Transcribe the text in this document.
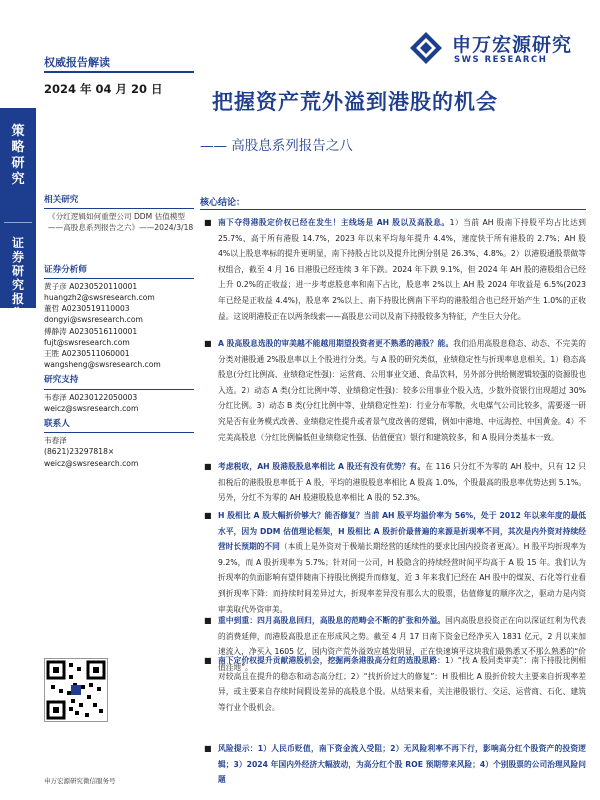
权威报告解读
申万宏源研究
SWS RESEARCH
2024 年 04 月 20 日
把握资产荒外溢到港股的机会
—— 高股息系列报告之八
策略研究
证券研究报告
相关研究
《分红逻辑如何重塑公司 DDM 估值模型——高股息系列报告之六》——2024/3/18
证券分析师
黄子彦 A0230520110001
huangzh2@swsresearch.com
董哲 A0230519110003
dongyi@swsresearch.com
傅静涛 A0230516110001
fujt@swsresearch.com
王胜 A0230511060001
wangsheng@swsresearch.com
研究支持
韦春泽 A0230122050003
weicz@swsresearch.com
联系人
韦春泽
(8621)23297818×
weicz@swsresearch.com
申万宏源研究微信服务号
核心结论：
■ 南下夺得港股定价权已经在发生！主线场是 AH 股以及高股息。1）当前 AH 股南下持股平均占比达到 25.7%、高于所有港股 14.7%，2023 年以来平均每年提升 4.4%，速度快于所有港股的 2.7%；AH 股 4%以上股息率标的提升更明显，南下持股占比以及提升比例分别是 26.3%、4.8%。2）以港股通股票做等权组合，截至 4 月 16 日港股已经连续 3 年下跌。2024 年下跌 9.1%，但 2024 年 AH 股的港股组合已经上升 0.2%的正收益；进一步考虑股息率和南下占比，股息率 2%以上 AH 股 2024 年收益是 6.5%(2023 年已经是正收益 4.4%)，股息率 2%以上、南下持股比例南下平均的港股组合也已经开始产生 1.0%的正收益。这说明港股正在以两条线索——高股息公司以及南下持股较多为特征，产生巨大分化。
■ A 股高股息选股的审美越不能越用期望投资者更不熟悉的港股？能。我们沿用高股息稳态、动态、不完美的分类对港股通 2%股息率以上个股进行分类。与 A 股的研究类似，业绩稳定性与折现率息息相关。1）稳态高股息(分红比例高、业绩稳定性强)：运营商、公用事业交通、食品饮料，另外部分供给侧逻辑较强的资源股也入选。2）动态 A 类(分红比例中等、业绩稳定性强)：较多公用事业个股入选，少数外资银行出现超过 30%分红比例。3）动态 B 类(分红比例中等、业绩稳定性差)：行业分布零散，火电煤气公司比较多，需要逐一研究是否有业务模式改善、业绩稳定性提升或者景气度改善的逻辑，例如中港地、中远海控、中国黄金。4）不完美高股息（分红比例偏低但业绩稳定性强、估值便宜）银行和建筑较多，和 A 股同分类基本一致。
■ 考虑税收，AH 股港股股息率相比 A 股还有没有优势？有。在 116 只分红不为零的 AH 股中，只有 12 只扣税后的港股股息率低于 A 股，平均的港股股息率相比 A 股高 1.0%，个股最高的股息率优势达到 5.1%。另外，分红不为零的 AH 股港股股息率相比 A 股的 52.3%。
■ H 股相比 A 股大幅折价够大？能否修复？当前 AH 股平均溢价率为 56%，处于 2012 年以来年度的最低水平，因为 DDM 估值理论框架，H 股相比 A 股折价最普遍的来源是折现率不同，其次是内外资对持续经营时长预期的不同（本质上是外资对于极端长期经营的延续性的要求比国内投资者更高）。H 股平均折现率为 9.2%，而 A 股折现率为 5.7%；针对同一公司，H 股隐含的持续经营时间平均高于 A 股 15 年。我们认为折现率的负面影响有望伴随南下持股比例提升而修复，近 3 年来我们已经在 AH 股中的煤炭、石化等行业看到折现率下降：而持续时间差异过大，折现率差异没有那么大的股票，估值修复的顺序次之，驱动力是内资审美取代外资审美。
■ 重中到重：四月高股息回归，高股息的范畴会不断的扩张和外溢。国内高股息投资正在向以深证红利为代表的消费延伸，而港股高股息正在形成风之势。截至 4 月 17 日南下资金已经净买入 1831 亿元，2 月以来加速流入，净买入 1605 亿，国内资产荒外溢效应越发明显，正在快速填平这块我们最熟悉又不那么熟悉的“价值洼地”。
■ 南下定价权提升贡献港股机会，挖掘两条港股高分红的选股思路：1）“找 A 股同类审美”：南下持股比例相对较高且在提升的稳态和动态高分红；2）“找折价过大的修复”：H 股相比 A 股折价较大主要来自折现率差异，或主要来自存续时间假设差异的高股息个股。从结果来看，关注港股银行、交运、运营商、石化、建筑等行业个股机会。
■ 风险提示：1）人民币贬值，南下资金流入受阻；2）无风险利率不再下行，影响高分红个股资产的投资逻辑；3）2024 年国内外经济大幅波动，为高分红个股 ROE 预期带来风险；4）个别股票的公司治理风险问题
